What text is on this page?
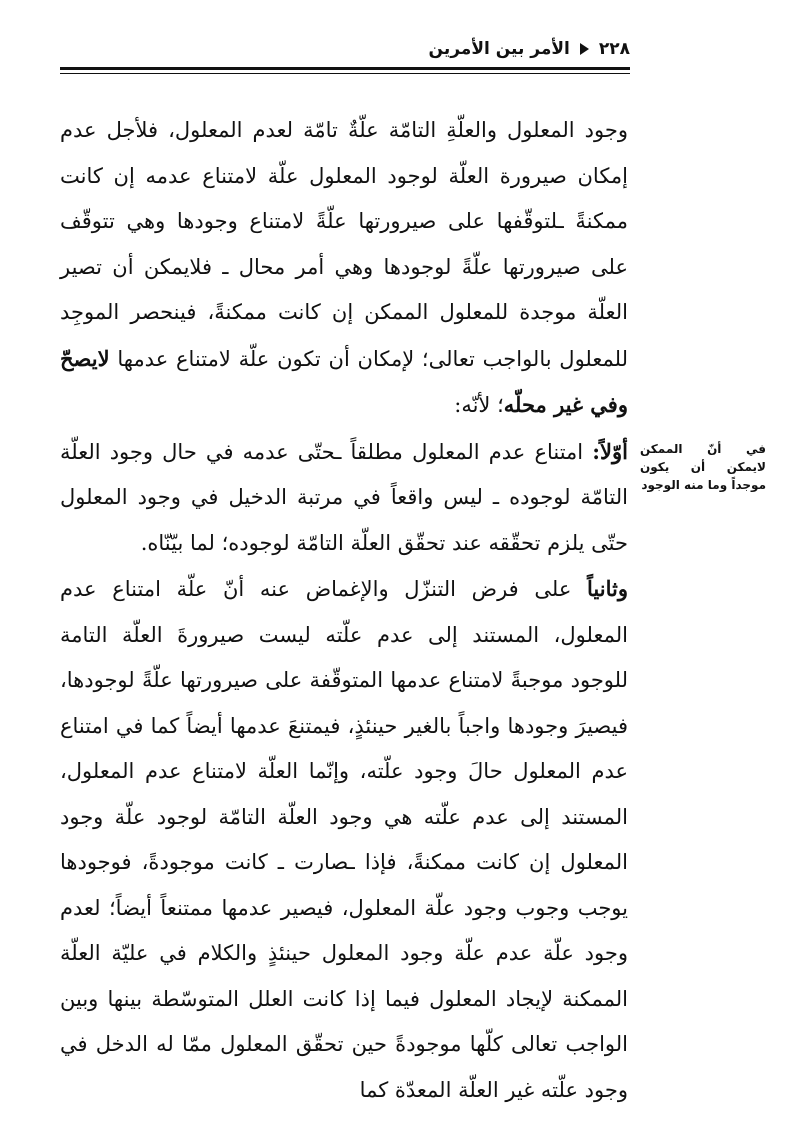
٢٢٨
الأمر بين الأمرين

وجود المعلول والعلّةِ التامّة علّةٌ تامّة لعدم المعلول، فلأجل عدم إمكان صيرورة العلّة لوجود المعلول علّة لامتناع عدمه إن كانت ممكنةً ـلتوقّفها على صيرورتها علّةً لامتناع وجودها وهي تتوقّف على صيرورتها علّةً لوجودها وهي أمر محال ـ فلايمكن أن تصير العلّة موجدة للمعلول الممكن إن كانت ممكنةً، فينحصر الموجِد للمعلول بالواجب تعالى؛ لإمكان أن تكون علّة لامتناع عدمها لايصحّ وفي غير محلّه؛ لأنّه:

أوّلاً: امتناع عدم المعلول مطلقاً ـحتّى عدمه في حال وجود العلّة التامّة لوجوده ـ ليس واقعاً في مرتبة الدخيل في وجود المعلول حتّى يلزم تحقّقه عند تحقّق العلّة التامّة لوجوده؛ لما بيّنّاه.

وثانياً على فرض التنزّل والإغماض عنه أنّ علّة امتناع عدم المعلول، المستند إلى عدم علّته ليست صيرورةَ العلّة التامة للوجود موجبةً لامتناع عدمها المتوقّفة على صيرورتها علّةً لوجودها، فيصيرَ وجودها واجباً بالغير حينئذٍ، فيمتنعَ عدمها أيضاً كما في امتناع عدم المعلول حالَ وجود علّته، وإنّما العلّة لامتناع عدم المعلول، المستند إلى عدم علّته هي وجود العلّة التامّة لوجود علّة وجود المعلول إن كانت ممكنةً، فإذا ـصارت ـ كانت موجودةً، فوجودها يوجب وجوب وجود علّة المعلول، فيصير عدمها ممتنعاً أيضاً؛ لعدم وجود علّة عدم علّة وجود المعلول حينئذٍ والكلام في عليّة العلّة الممكنة لإيجاد المعلول فيما إذا كانت العلل المتوسّطة بينها وبين الواجب تعالى كلّها موجودةً حين تحقّق المعلول ممّا له الدخل في وجود علّته غير العلّة المعدّة كما

في أنّ الممكن لايمكن أن يكون موجداً وما منه الوجود
